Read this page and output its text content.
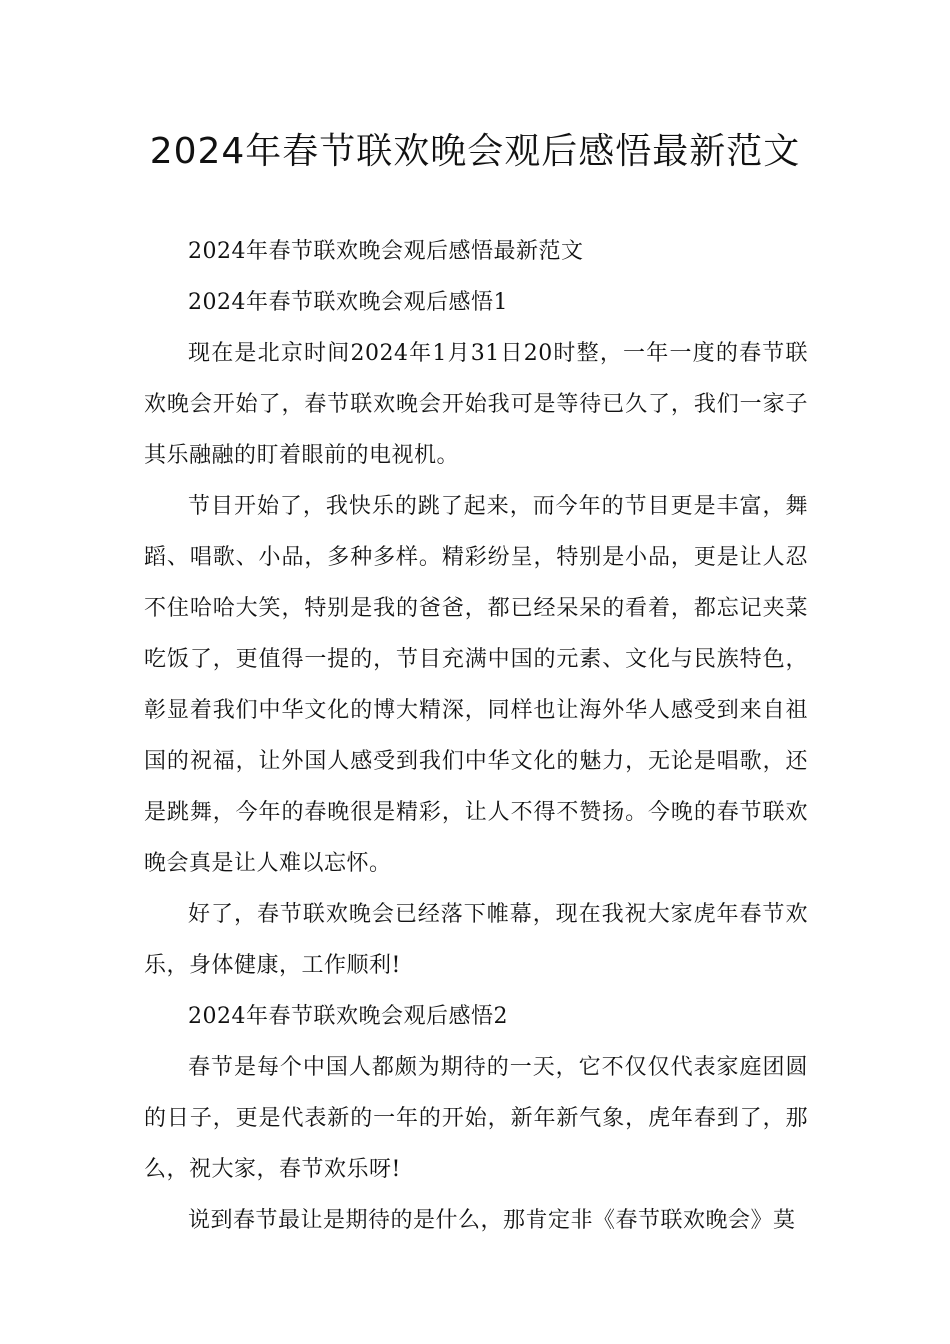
2024年春节联欢晚会观后感悟最新范文

2024年春节联欢晚会观后感悟最新范文

2024年春节联欢晚会观后感悟1

现在是北京时间2024年1月31日20时整，一年一度的春节联欢晚会开始了，春节联欢晚会开始我可是等待已久了，我们一家子其乐融融的盯着眼前的电视机。

节目开始了，我快乐的跳了起来，而今年的节目更是丰富，舞蹈、唱歌、小品，多种多样。精彩纷呈，特别是小品，更是让人忍不住哈哈大笑，特别是我的爸爸，都已经呆呆的看着，都忘记夹菜吃饭了，更值得一提的，节目充满中国的元素、文化与民族特色，彰显着我们中华文化的博大精深，同样也让海外华人感受到来自祖国的祝福，让外国人感受到我们中华文化的魅力，无论是唱歌，还是跳舞，今年的春晚很是精彩，让人不得不赞扬。今晚的春节联欢晚会真是让人难以忘怀。

好了，春节联欢晚会已经落下帷幕，现在我祝大家虎年春节欢乐，身体健康，工作顺利!

2024年春节联欢晚会观后感悟2

春节是每个中国人都颇为期待的一天，它不仅仅代表家庭团圆的日子，更是代表新的一年的开始，新年新气象，虎年春到了，那么，祝大家，春节欢乐呀!

说到春节最让是期待的是什么，那肯定非《春节联欢晚会》莫
